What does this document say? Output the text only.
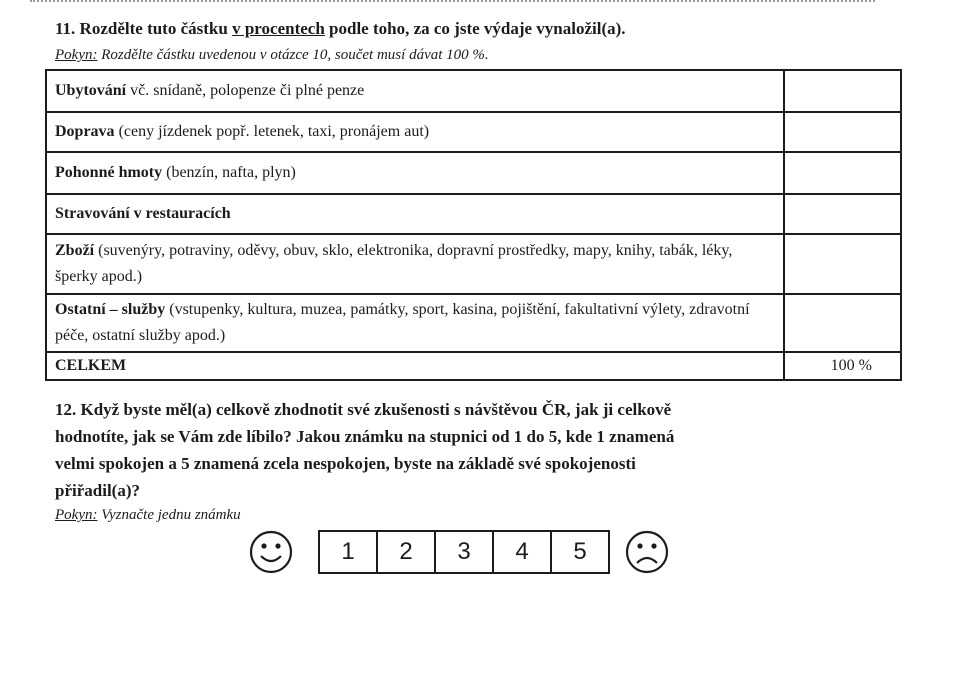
11. Rozdělte tuto částku v procentech podle toho, za co jste výdaje vynaložil(a).
Pokyn: Rozdělte částku uvedenou v otázce 10, součet musí dávat 100 %.
Ubytování vč. snídaně, polopenze či plné penze	
Doprava (ceny jízdenek popř. letenek, taxi, pronájem aut)	
Pohonné hmoty (benzín, nafta, plyn)	
Stravování v restauracích	
Zboží (suvenýry, potraviny, oděvy, obuv, sklo, elektronika, dopravní prostředky, mapy, knihy, tabák, léky, šperky apod.)	
Ostatní – služby (vstupenky, kultura, muzea, památky, sport, kasina, pojištění, fakultativní výlety, zdravotní péče, ostatní služby apod.)	
CELKEM	100 %
12. Když byste měl(a) celkově zhodnotit své zkušenosti s návštěvou ČR, jak ji celkově
hodnotíte, jak se Vám zde líbilo? Jakou známku na stupnici od 1 do 5, kde 1 znamená
velmi spokojen a 5 znamená zcela nespokojen, byste na základě své spokojenosti
přiřadil(a)?
Pokyn: Vyznačte jednu známku
1	2	3	4	5
